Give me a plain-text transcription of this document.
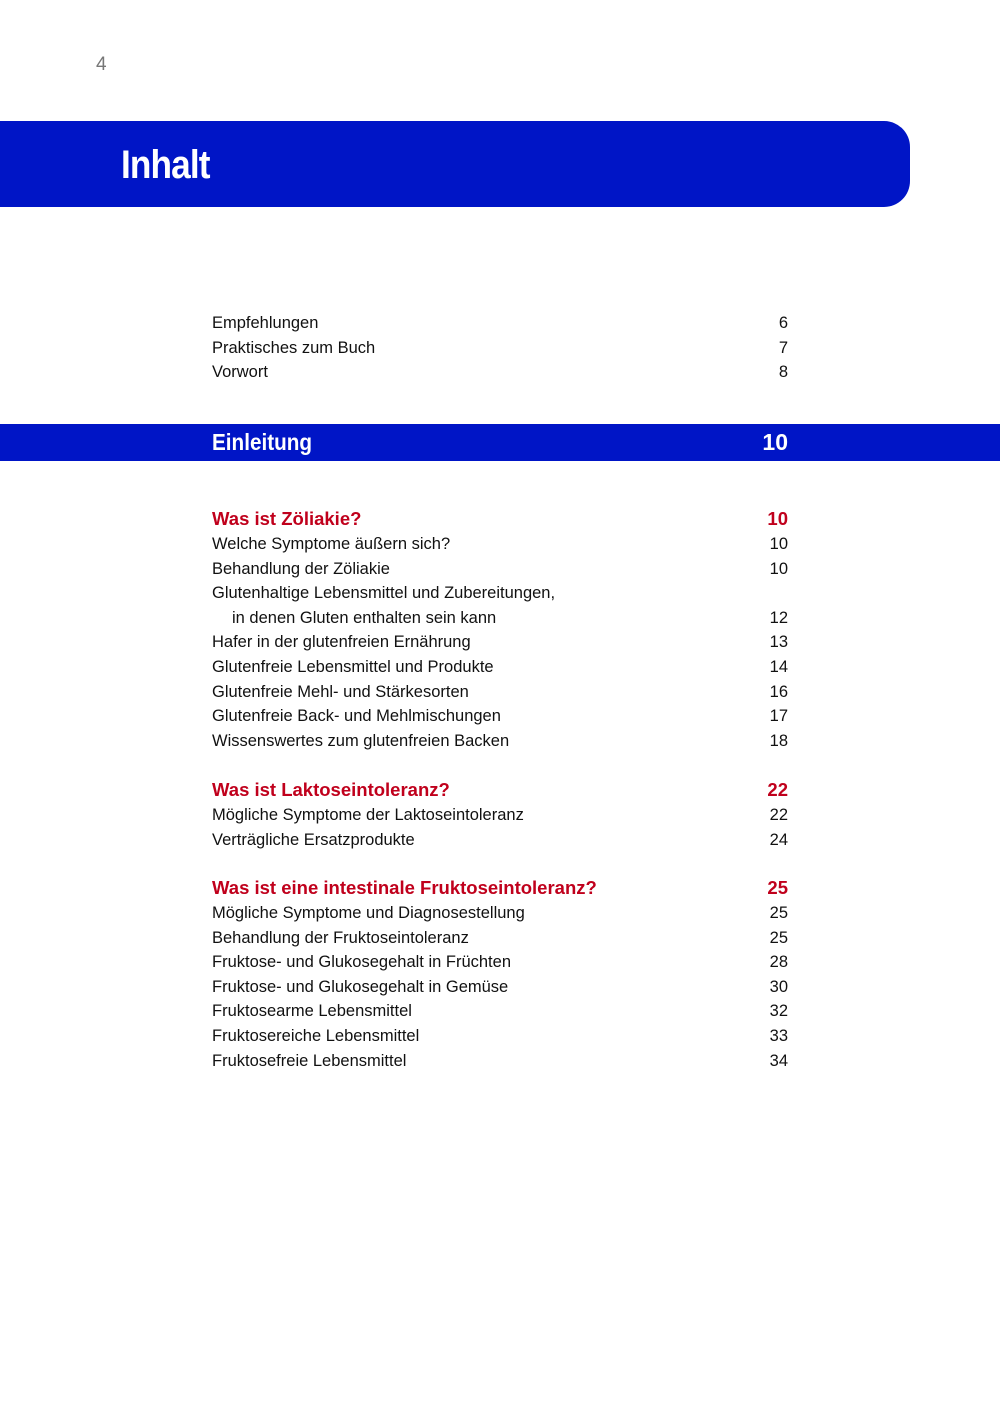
4
Inhalt
Empfehlungen	6
Praktisches zum Buch	7
Vorwort	8
Einleitung	10
Was ist Zöliakie?	10
Welche Symptome äußern sich?	10
Behandlung der Zöliakie	10
Glutenhaltige Lebensmittel und Zubereitungen,
in denen Gluten enthalten sein kann	12
Hafer in der glutenfreien Ernährung	13
Glutenfreie Lebensmittel und Produkte	14
Glutenfreie Mehl- und Stärkesorten	16
Glutenfreie Back- und Mehlmischungen	17
Wissenswertes zum glutenfreien Backen	18
Was ist Laktoseintoleranz?	22
Mögliche Symptome der Laktoseintoleranz	22
Verträgliche Ersatzprodukte	24
Was ist eine intestinale Fruktoseintoleranz?	25
Mögliche Symptome und Diagnosestellung	25
Behandlung der Fruktoseintoleranz	25
Fruktose- und Glukosegehalt in Früchten	28
Fruktose- und Glukosegehalt in Gemüse	30
Fruktosearme Lebensmittel	32
Fruktosereiche Lebensmittel	33
Fruktosefreie Lebensmittel	34
